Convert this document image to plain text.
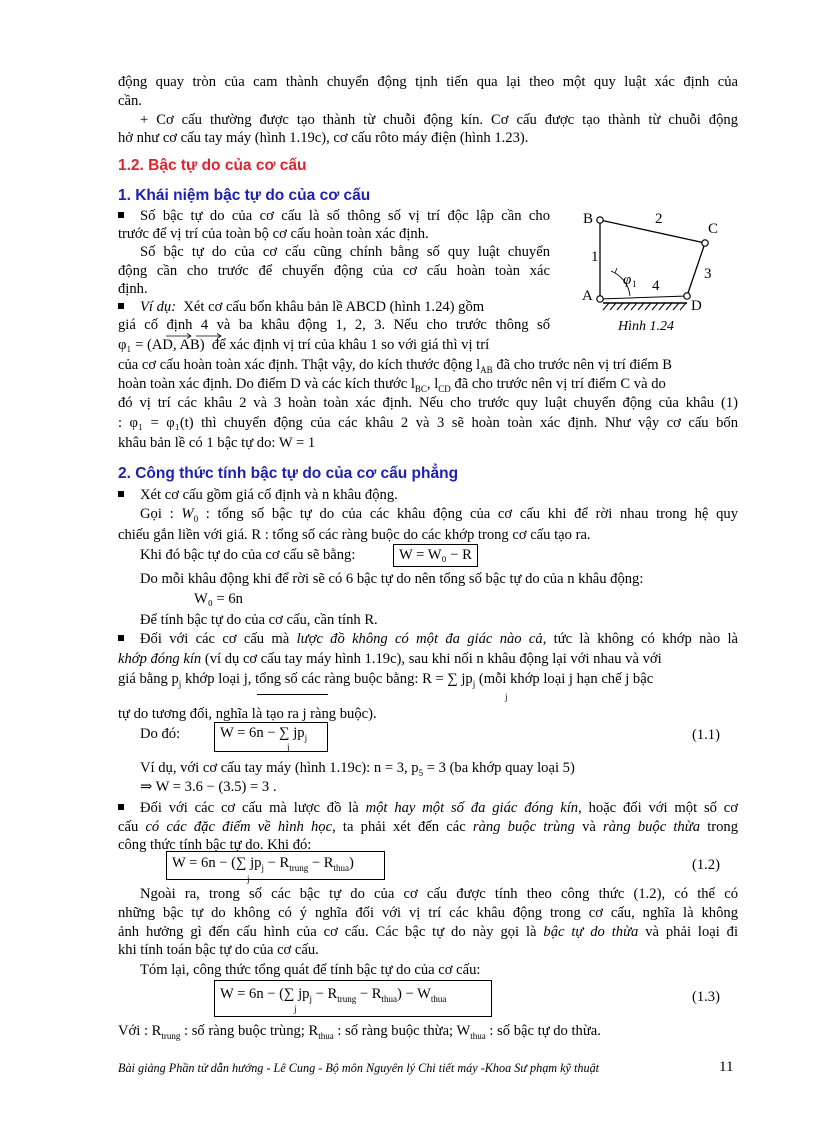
động quay tròn của cam thành chuyển động tịnh tiến qua lại theo một quy luật xác định của
cần.
+ Cơ cấu thường được tạo thành từ chuỗi động kín. Cơ cấu được tạo thành từ chuỗi động
hở như cơ cấu tay máy (hình 1.19c), cơ cấu rôto máy điện (hình 1.23).
1.2. Bậc tự do của cơ cấu
1. Khái niệm bậc tự do của cơ cấu
Số bậc tự do của cơ cấu là số thông số vị trí độc lập cần cho
trước để vị trí của toàn bộ cơ cấu hoàn toàn xác định.
Số bậc tự do của cơ cấu cũng chính bằng số quy luật chuyển
động cần cho trước để chuyển động của cơ cấu hoàn toàn xác
định.
Ví dụ: Xét cơ cấu bốn khâu bản lề ABCD (hình 1.24) gồm
giá cố định 4 và ba khâu động 1, 2, 3. Nếu cho trước thông số
φ₁ = (AD, AB) để xác định vị trí của khâu 1 so với giá thì vị trí
của cơ cấu hoàn toàn xác định. Thật vậy, do kích thước động $l_{AB}$ đã cho trước nên vị trí điểm B
hoàn toàn xác định. Do điểm D và các kích thước $l_{BC}$, $l_{CD}$ đã cho trước nên vị trí điểm C và do
đó vị trí các khâu 2 và 3 hoàn toàn xác định. Nếu cho trước quy luật chuyển động của khâu (1)
: φ₁ = φ₁(t) thì chuyển động của các khâu 2 và 3 sẽ hoàn toàn xác định. Như vậy cơ cấu bốn
khâu bản lề có 1 bậc tự do: W = 1
B
C
A
D
1
2
3
4
φ 1
Hình 1.24
2. Công thức tính bậc tự do của cơ cấu phẳng
Xét cơ cấu gồm giá cố định và n khâu động.
Gọi : $W_0$ : tổng số bậc tự do của các khâu động của cơ cấu khi để rời nhau trong hệ quy
chiếu gắn liền với giá. R : tổng số các ràng buộc do các khớp trong cơ cấu tạo ra.
Khi đó bậc tự do của cơ cấu sẽ bằng:	W = W₀ − R
Do mỗi khâu động khi để rời sẽ có 6 bậc tự do nên tổng số bậc tự do của n khâu động:
W₀ = 6n
Để tính bậc tự do của cơ cấu, cần tính R.
Đối với các cơ cấu mà lược đồ không có một đa giác nào cả, tức là không có khớp nào là
khớp đóng kín (ví dụ cơ cấu tay máy hình 1.19c), sau khi nối n khâu động lại với nhau và với
giá bằng $p_j$ khớp loại j, tổng số các ràng buộc bằng: R = ∑ $jp_j$ (mỗi khớp loại j hạn chế j bậc
j
tự do tương đối, nghĩa là tạo ra j ràng buộc).
Do đó:	W = 6n − ∑ $jp_j$
j
(1.1)
Ví dụ, với cơ cấu tay máy (hình 1.19c): n = 3, $p_5 = 3$ (ba khớp quay loại 5)
⇒ W = 3.6 − (3.5) = 3 .
Đối với các cơ cấu mà lược đồ là một hay một số đa giác đóng kín, hoặc đối với một số cơ
cấu có các đặc điểm về hình học, ta phải xét đến các ràng buộc trùng và ràng buộc thừa trong
công thức tính bậc tự do. Khi đó:
W = 6n − (∑ $jp_j - R_{trung} - R_{thua}$)
j
(1.2)
Ngoài ra, trong số các bậc tự do của cơ cấu được tính theo công thức (1.2), có thể có
những bậc tự do không có ý nghĩa đối với vị trí các khâu động trong cơ cấu, nghĩa là không
ảnh hưởng gì đến cấu hình của cơ cấu. Các bậc tự do này gọi là bậc tự do thừa và phải loại đi
khi tính toán bậc tự do của cơ cấu.
Tóm lại, công thức tổng quát để tính bậc tự do của cơ cấu:
W = 6n − (∑ $jp_j - R_{trung} - R_{thua}) - W_{thua}$
j
(1.3)
Với : $R_{trung}$ : số ràng buộc trùng; $R_{thua}$ : số ràng buộc thừa; $W_{thua}$ : số bậc tự do thừa.
Bài giảng Phần tử dẫn hướng - Lê Cung - Bộ môn Nguyên lý Chi tiết máy -Khoa Sư phạm kỹ thuật	11
